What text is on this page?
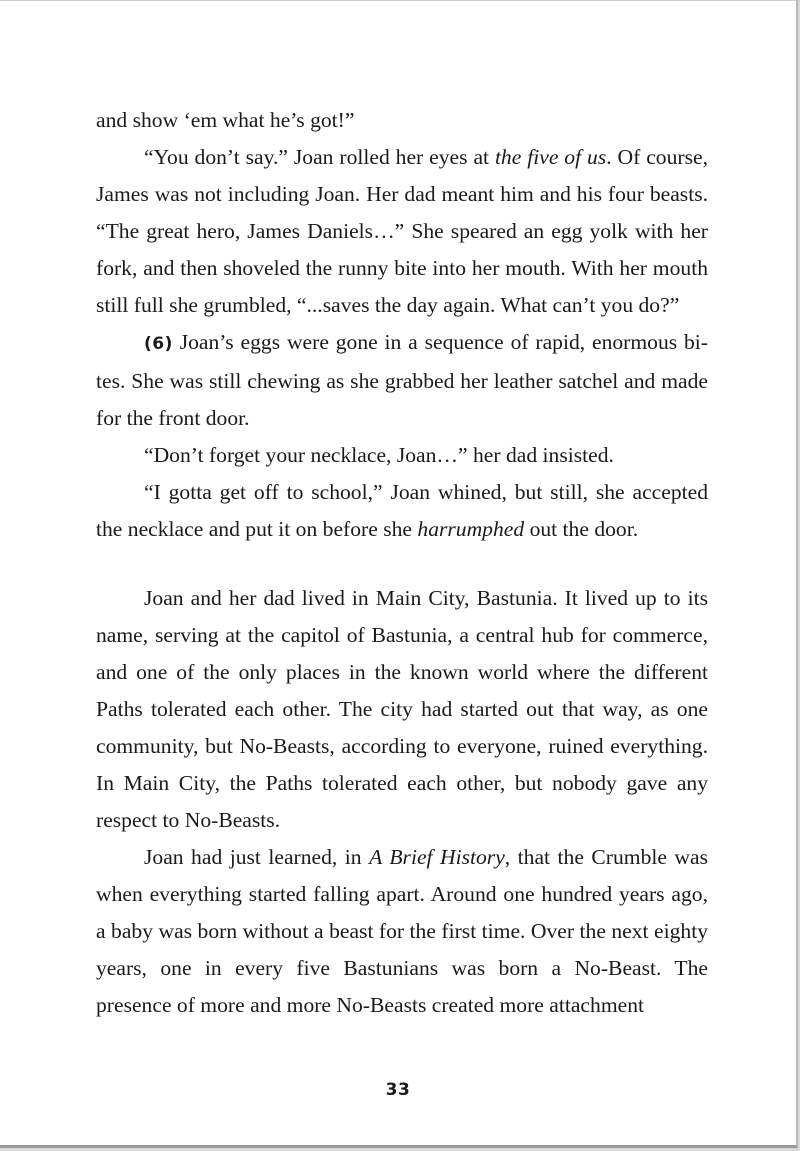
and show ‘em what he’s got!”

“You don’t say.” Joan rolled her eyes at the five of us. Of course, James was not including Joan. Her dad meant him and his four beasts. “The great hero, James Daniels…” She speared an egg yolk with her fork, and then shoveled the runny bite into her mouth. With her mouth still full she grumbled, “...saves the day again. What can’t you do?”

(6) Joan’s eggs were gone in a sequence of rapid, enormous bites. She was still chewing as she grabbed her leather satchel and made for the front door.

“Don’t forget your necklace, Joan…” her dad insisted.

“I gotta get off to school,” Joan whined, but still, she accepted the necklace and put it on before she harrumphed out the door.

Joan and her dad lived in Main City, Bastunia. It lived up to its name, serving at the capitol of Bastunia, a central hub for commerce, and one of the only places in the known world where the different Paths tolerated each other. The city had started out that way, as one community, but No-Beasts, according to everyone, ruined everything. In Main City, the Paths tolerated each other, but nobody gave any respect to No-Beasts.

Joan had just learned, in A Brief History, that the Crumble was when everything started falling apart. Around one hundred years ago, a baby was born without a beast for the first time. Over the next eighty years, one in every five Bastunians was born a No-Beast. The presence of more and more No-Beasts created more attachment

33
